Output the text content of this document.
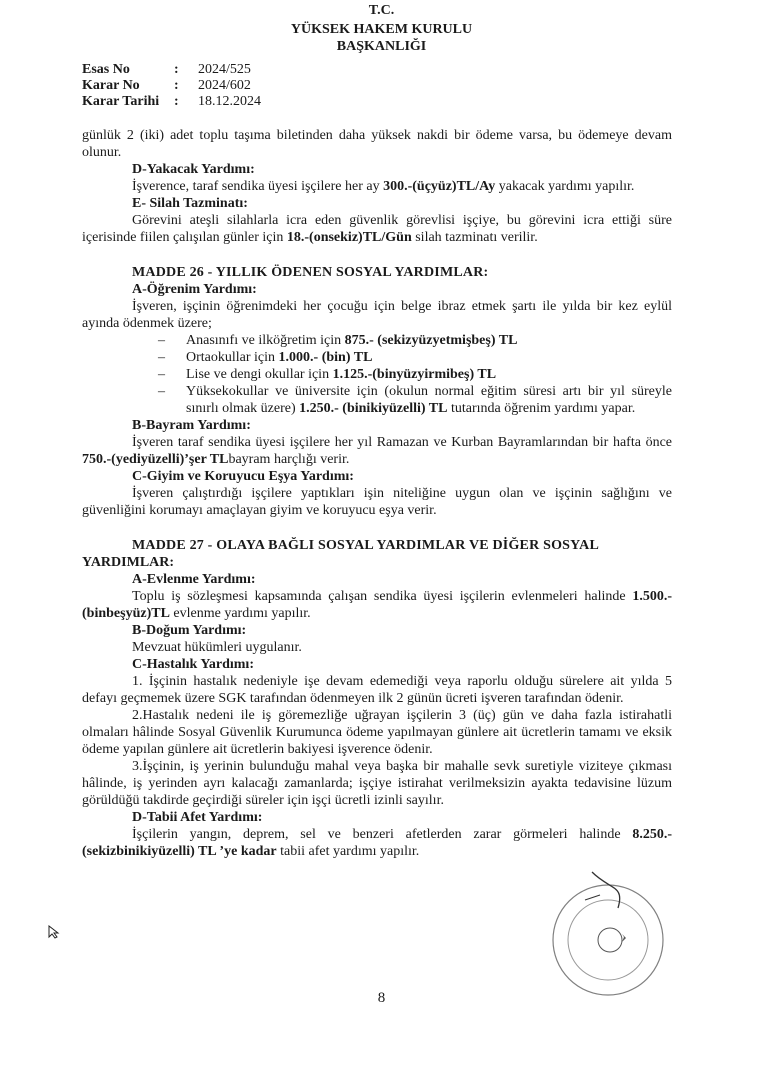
T.C.
YÜKSEK HAKEM KURULU
BAŞKANLIĞI
Esas No	: 2024/525
Karar No : 2024/602
Karar Tarihi : 18.12.2024

günlük 2 (iki) adet toplu taşıma biletinden daha yüksek nakdi bir ödeme varsa, bu ödemeye devam olunur.

D-Yakacak Yardımı:

İşverence, taraf sendika üyesi işçilere her ay 300.-(üçyüz)TL/Ay yakacak yardımı yapılır.

E- Silah Tazminatı:

Görevini ateşli silahlarla icra eden güvenlik görevlisi işçiye, bu görevini icra ettiği süre içerisinde fiilen çalışılan günler için 18.-(onsekiz)TL/Gün silah tazminatı verilir.

MADDE 26 - YILLIK ÖDENEN SOSYAL YARDIMLAR:
A-Öğrenim Yardımı:

İşveren, işçinin öğrenimdeki her çocuğu için belge ibraz etmek şartı ile yılda bir kez eylül ayında ödenmek üzere;

– Anasınıfı ve ilköğretim için 875.- (sekizyüzyetmişbeş) TL
– Ortaokullar için 1.000.- (bin) TL
– Lise ve dengi okullar için 1.125.-(binyüzyirmibeş) TL
– Yüksekokullar ve üniversite için (okulun normal eğitim süresi artı bir yıl süreyle sınırlı olmak üzere) 1.250.- (binikiyüzelli) TL tutarında öğrenim yardımı yapar.
B-Bayram Yardımı:

İşveren taraf sendika üyesi işçilere her yıl Ramazan ve Kurban Bayramlarından bir hafta önce 750.-(yediyüzelli)’şer TLbayram harçlığı verir.

C-Giyim ve Koruyucu Eşya Yardımı:

İşveren çalıştırdığı işçilere yaptıkları işin niteliğine uygun olan ve işçinin sağlığını ve güvenliğini korumayı amaçlayan giyim ve koruyucu eşya verir.

MADDE 27 - OLAYA BAĞLI SOSYAL YARDIMLAR VE DİĞER SOSYAL
YARDIMLAR:
A-Evlenme Yardımı:

Toplu iş sözleşmesi kapsamında çalışan sendika üyesi işçilerin evlenmeleri halinde 1.500.-(binbeşyüz)TL evlenme yardımı yapılır.

B-Doğum Yardımı:

Mevzuat hükümleri uygulanır.

C-Hastalık Yardımı:

1. İşçinin hastalık nedeniyle işe devam edemediği veya raporlu olduğu sürelere ait yılda 5 defayı geçmemek üzere SGK tarafından ödenmeyen ilk 2 günün ücreti işveren tarafından ödenir.

2.Hastalık nedeni ile iş göremezliğe uğrayan işçilerin 3 (üç) gün ve daha fazla istirahatli olmaları hâlinde Sosyal Güvenlik Kurumunca ödeme yapılmayan günlere ait ücretlerin tamamı ve eksik ödeme yapılan günlere ait ücretlerin bakiyesi işverence ödenir.

3.İşçinin, iş yerinin bulunduğu mahal veya başka bir mahalle sevk suretiyle viziteye çıkması hâlinde, iş yerinden ayrı kalacağı zamanlarda; işçiye istirahat verilmeksizin ayakta tedavisine lüzum görüldüğü takdirde geçirdiği süreler için işçi ücretli izinli sayılır.

D-Tabii Afet Yardımı:

İşçilerin yangın, deprem, sel ve benzeri afetlerden zarar görmeleri halinde 8.250.- (sekizbinikiyüzelli) TL ’ye kadar tabii afet yardımı yapılır.

8
